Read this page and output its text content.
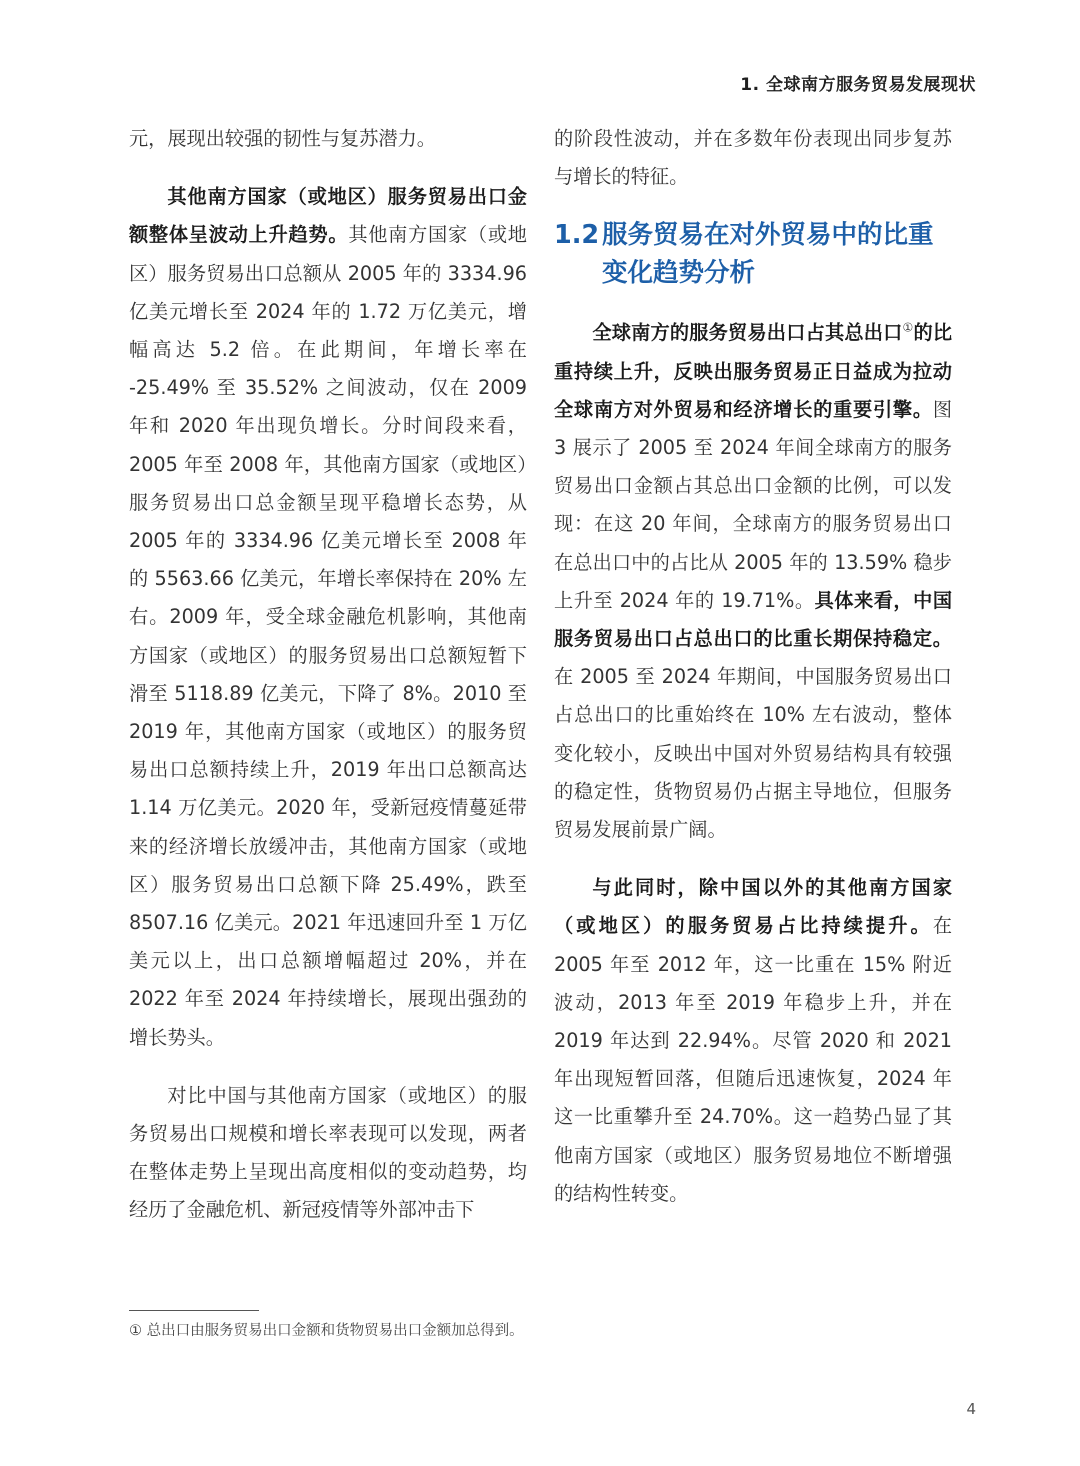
1. 全球南方服务贸易发展现状

元，展现出较强的韧性与复苏潜力。

其他南方国家（或地区）服务贸易出口金额整体呈波动上升趋势。其他南方国家（或地区）服务贸易出口总额从 2005 年的 3334.96 亿美元增长至 2024 年的 1.72 万亿美元，增幅高达 5.2 倍。在此期间，年增长率在 -25.49% 至 35.52% 之间波动，仅在 2009 年和 2020 年出现负增长。分时间段来看，2005 年至 2008 年，其他南方国家（或地区）服务贸易出口总金额呈现平稳增长态势，从 2005 年的 3334.96 亿美元增长至 2008 年的 5563.66 亿美元，年增长率保持在 20% 左右。2009 年，受全球金融危机影响，其他南方国家（或地区）的服务贸易出口总额短暂下滑至 5118.89 亿美元，下降了 8%。2010 至 2019 年，其他南方国家（或地区）的服务贸易出口总额持续上升，2019 年出口总额高达 1.14 万亿美元。2020 年，受新冠疫情蔓延带来的经济增长放缓冲击，其他南方国家（或地区）服务贸易出口总额下降 25.49%，跌至 8507.16 亿美元。2021 年迅速回升至 1 万亿美元以上，出口总额增幅超过 20%，并在 2022 年至 2024 年持续增长，展现出强劲的增长势头。

对比中国与其他南方国家（或地区）的服务贸易出口规模和增长率表现可以发现，两者在整体走势上呈现出高度相似的变动趋势，均经历了金融危机、新冠疫情等外部冲击下

的阶段性波动，并在多数年份表现出同步复苏与增长的特征。

1.2 服务贸易在对外贸易中的比重变化趋势分析

全球南方的服务贸易出口占其总出口①的比重持续上升，反映出服务贸易正日益成为拉动全球南方对外贸易和经济增长的重要引擎。图 3 展示了 2005 至 2024 年间全球南方的服务贸易出口金额占其总出口金额的比例，可以发现：在这 20 年间，全球南方的服务贸易出口在总出口中的占比从 2005 年的 13.59% 稳步上升至 2024 年的 19.71%。具体来看，中国服务贸易出口占总出口的比重长期保持稳定。在 2005 至 2024 年期间，中国服务贸易出口占总出口的比重始终在 10% 左右波动，整体变化较小，反映出中国对外贸易结构具有较强的稳定性，货物贸易仍占据主导地位，但服务贸易发展前景广阔。

与此同时，除中国以外的其他南方国家（或地区）的服务贸易占比持续提升。在 2005 年至 2012 年，这一比重在 15% 附近波动，2013 年至 2019 年稳步上升，并在 2019 年达到 22.94%。尽管 2020 和 2021 年出现短暂回落，但随后迅速恢复，2024 年这一比重攀升至 24.70%。这一趋势凸显了其他南方国家（或地区）服务贸易地位不断增强的结构性转变。

① 总出口由服务贸易出口金额和货物贸易出口金额加总得到。
4
